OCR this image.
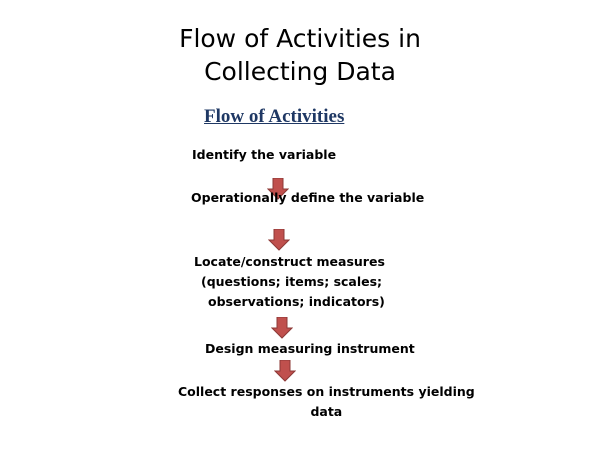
Flow of Activities in
Collecting Data
Flow of Activities
Identify the variable
Operationally define the variable
Locate/construct measures
(questions; items; scales;
observations; indicators)
Design measuring instrument
Collect responses on instruments yielding
data
